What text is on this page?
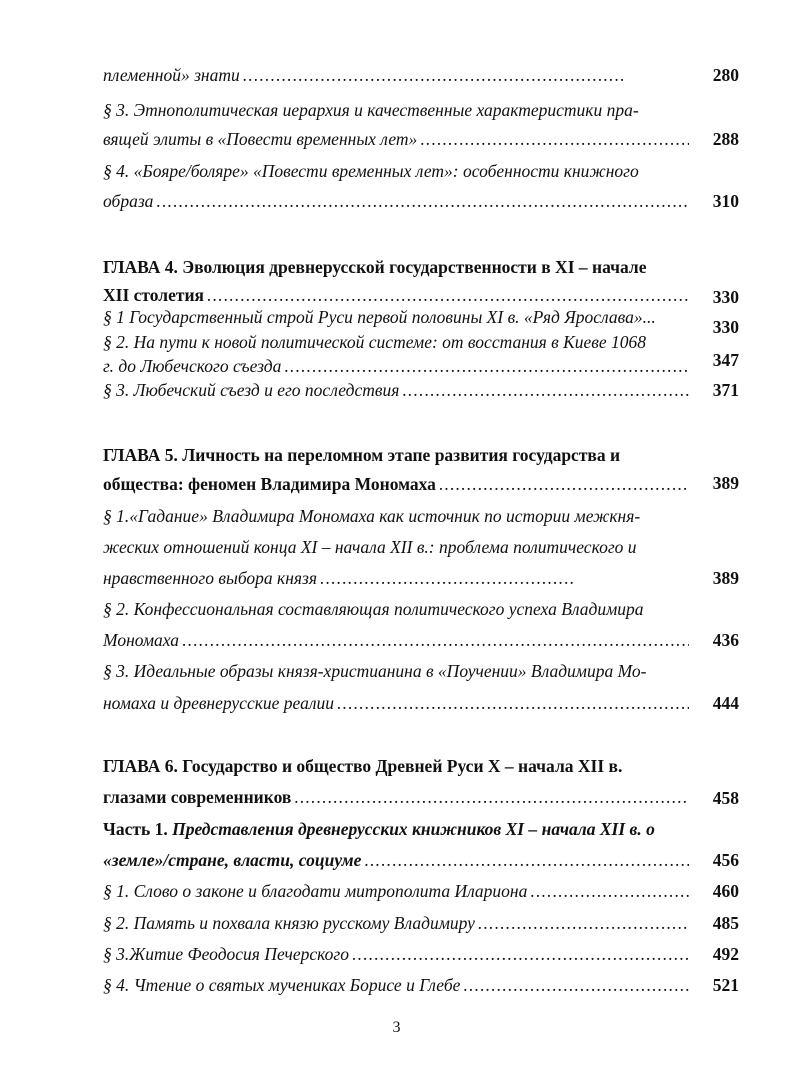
племенной» знати . . .	280
§ 3. Этнополитическая иерархия и качественные характеристики пра-
вящей элиты в «Повести временных лет» . . .	288
§ 4. «Бояре/боляре» «Повести временных лет»: особенности книжного
образа . . .	310
ГЛАВА 4. Эволюция древнерусской государственности в XI – начале
XII столетия . . .	330
§ 1 Государственный строй Руси первой половины XI в. «Ряд Ярослава»...	330
§ 2. На пути к новой политической системе: от восстания в Киеве 1068
г. до Любечского съезда . . .	347
§ 3. Любечский съезд и его последствия . . .	371
ГЛАВА 5. Личность на переломном этапе развития государства и
общества: феномен Владимира Мономаха . . .	389
§ 1.«Гадание» Владимира Мономаха как источник по истории межкня-
жеских отношений конца XI – начала XII в.: проблема политического и
нравственного выбора князя . . .	389
§ 2. Конфессиональная составляющая политического успеха Владимира
Мономаха . . .	436
§ 3. Идеальные образы князя-христианина в «Поучении» Владимира Мо-
номаха и древнерусские реалии . . .	444
ГЛАВА 6. Государство и общество Древней Руси X – начала XII в.
глазами современников . . .	458
Часть 1. Представления древнерусских книжников XI – начала XII в. о
«земле»/стране, власти, социуме . . .	456
§ 1. Слово о законе и благодати митрополита Илариона . . .	460
§ 2. Память и похвала князю русскому Владимиру . . .	485
§ 3.Житие Феодосия Печерского . . .	492
§ 4. Чтение о святых мучениках Борисе и Глебе . . .	521
3
